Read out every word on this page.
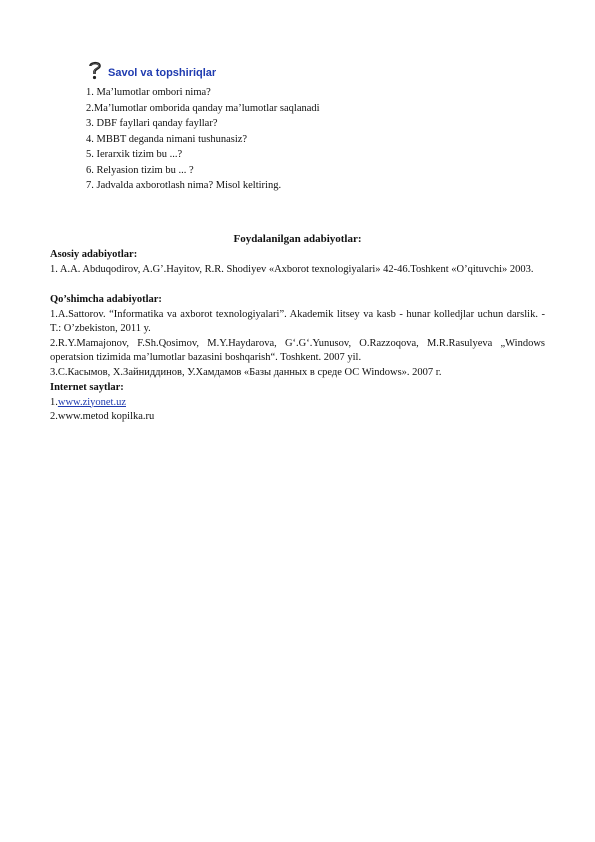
Savol va topshiriqlar
1. Ma’lumotlar ombori nima?
2.Ma’lumotlar omborida qanday ma’lumotlar saqlanadi
3. DBF fayllari qanday fayllar?
4. MBBT deganda nimani tushunasiz?
5. Ierarxik tizim bu ...?
6. Relyasion tizim bu ... ?
7. Jadvalda axborotlash nima? Misol keltiring.
Foydalanilgan adabiyotlar:
Asosiy adabiyotlar:
1. A.A. Abduqodirov, A.G’.Hayitov, R.R. Shodiyev «Axborot texnologiyalari» 42-46.Toshkent «O’qituvchi» 2003.
Qo’shimcha adabiyotlar:
1.A.Sattorov. “Informatika va axborot texnologiyalari”. Akademik litsey va kasb - hunar kolledjlar uchun darslik. - T.: O’zbekiston, 2011 y.
2.R.Y.Mamajonov, F.Sh.Qosimov, M.Y.Haydarova, G‘.G‘.Yunusov, O.Razzoqova, M.R.Rasulyeva „Windows operatsion tizimida ma’lumotlar bazasini boshqarish“. Toshkent. 2007 yil.
3.С.Касымов, Х.Зайниддинов, У.Хамдамов «Базы данных в среде ОС Windows». 2007 г.
Internet saytlar:
1.www.ziyonet.uz
2.www.metod kopilka.ru
